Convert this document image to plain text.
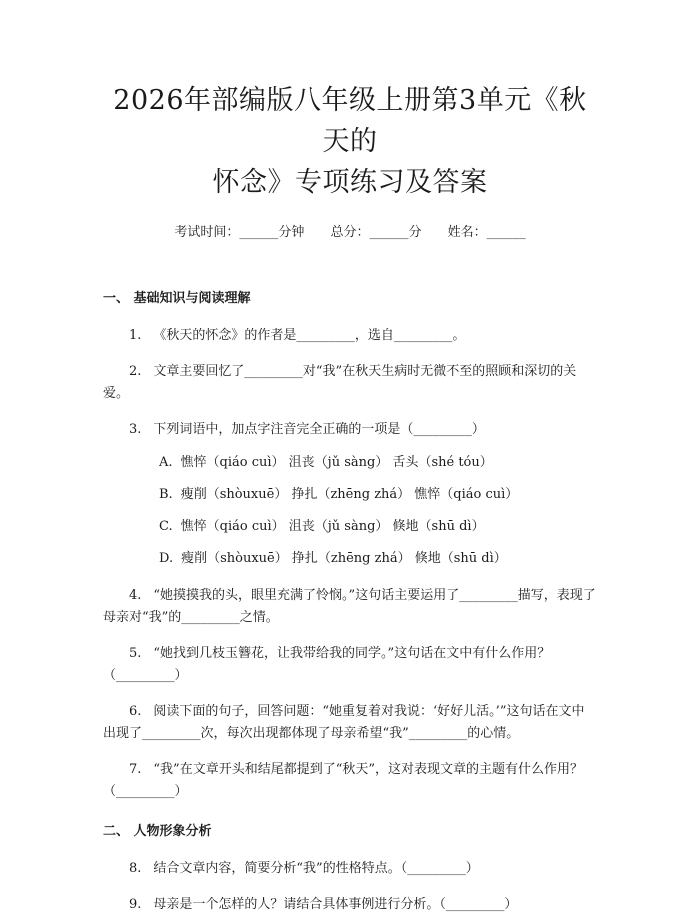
2026年部编版八年级上册第3单元《秋天的
怀念》专项练习及答案
考试时间：______分钟 总分：______分 姓名：______
一、 基础知识与阅读理解

1. 《秋天的怀念》的作者是_________，选自_________。

2. 文章主要回忆了_________对“我”在秋天生病时无微不至的照顾和深切的关爱。

3. 下列词语中，加点字注音完全正确的一项是（_________）

A. 憔悴（qiáo cuì） 沮丧（jǔ sàng） 舌头（shé tóu）
B. 瘦削（shòuxuē） 挣扎（zhēng zhá） 憔悴（qiáo cuì）
C. 憔悴（qiáo cuì） 沮丧（jǔ sàng） 倏地（shū dì）
D. 瘦削（shòuxuē） 挣扎（zhēng zhá） 倏地（shū dì）

4. “她摸摸我的头，眼里充满了怜悯。”这句话主要运用了_________描写，表现了母亲对“我”的_________之情。

5. “她找到几枝玉簪花，让我带给我的同学。”这句话在文中有什么作用？（_________）

6. 阅读下面的句子，回答问题：“她重复着对我说：‘好好儿活。’”这句话在文中出现了_________次，每次出现都体现了母亲希望“我”_________的心情。

7. “我”在文章开头和结尾都提到了“秋天”，这对表现文章的主题有什么作用？（_________）

二、 人物形象分析

8. 结合文章内容，简要分析“我”的性格特点。（_________）

9. 母亲是一个怎样的人？请结合具体事例进行分析。（_________）
